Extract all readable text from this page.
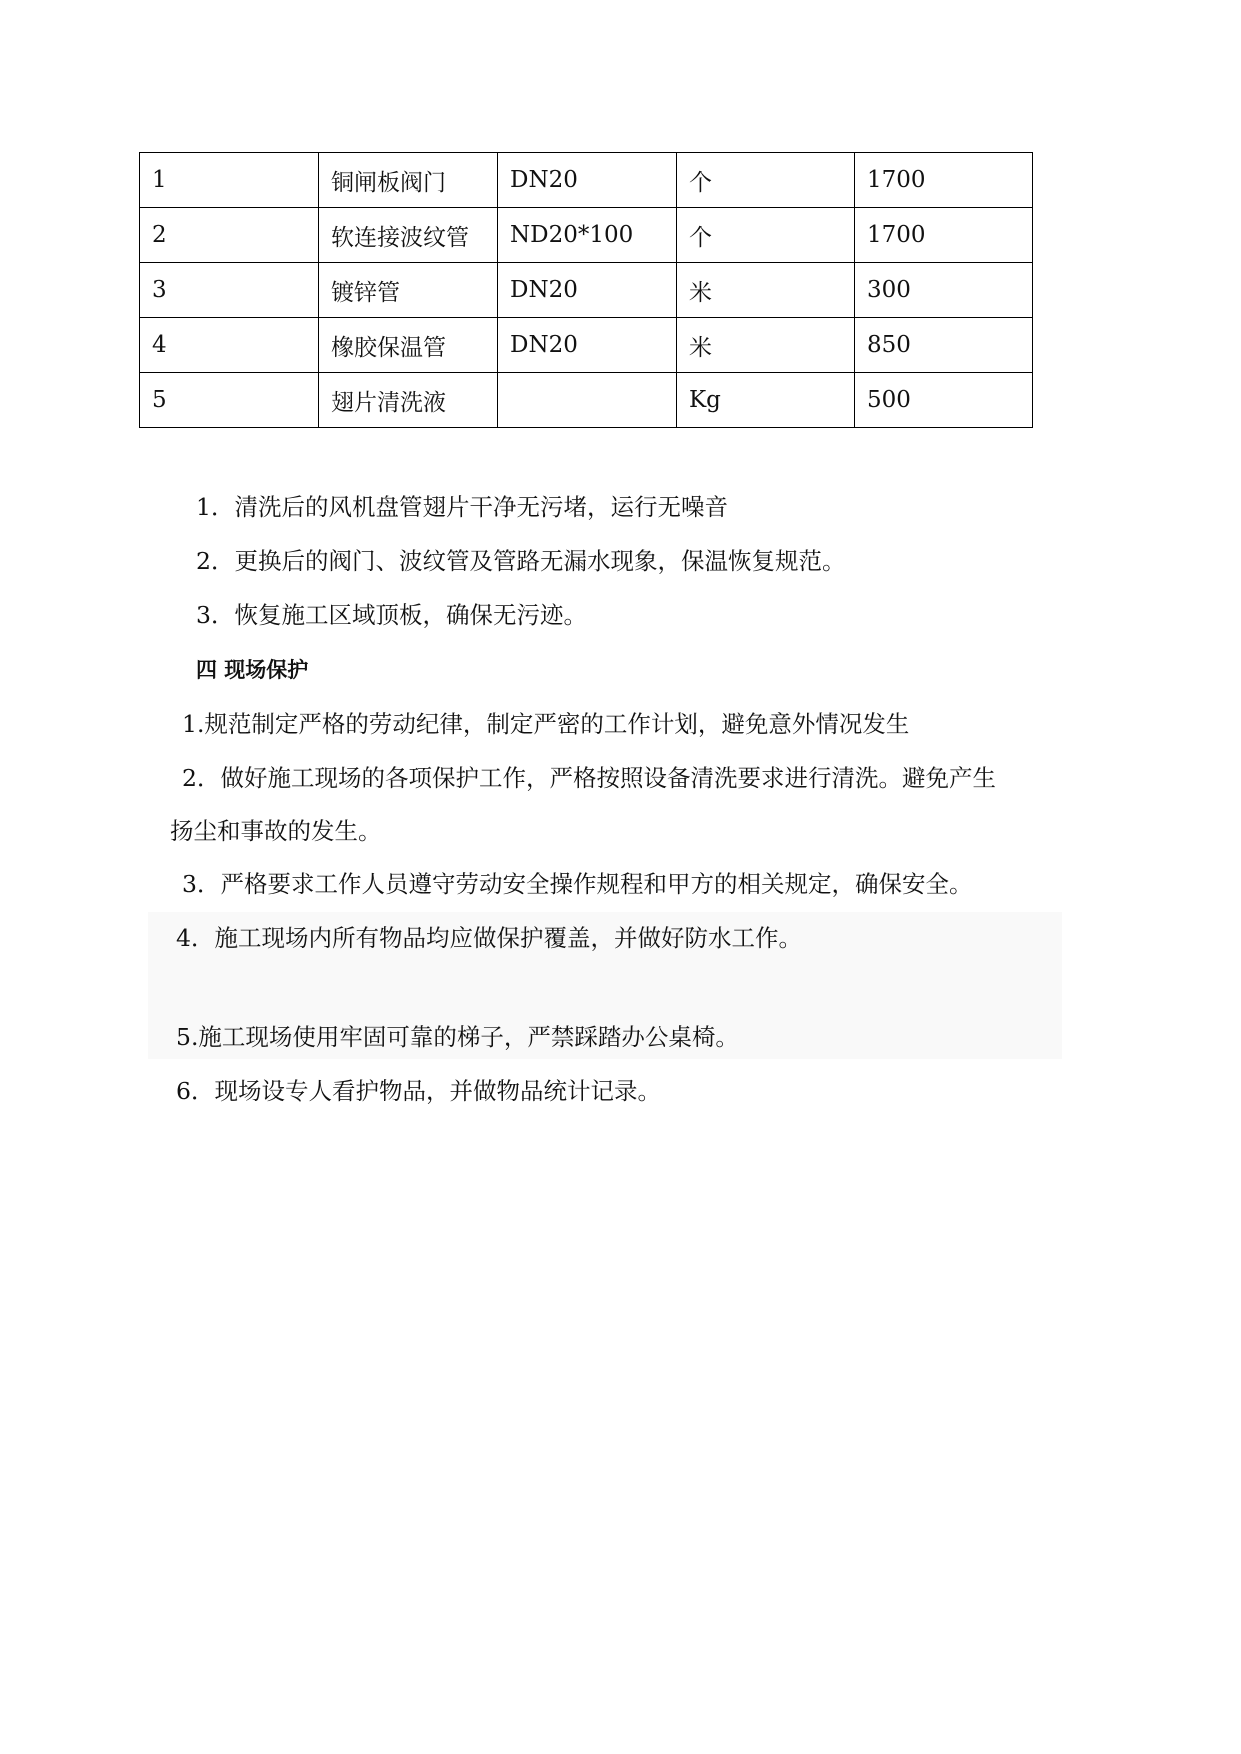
1	铜闸板阀门	DN20	个	1700
2	软连接波纹管	ND20*100	个	1700
3	镀锌管	DN20	米	300
4	橡胶保温管	DN20	米	850
5	翅片清洗液		Kg	500
1．清洗后的风机盘管翅片干净无污堵，运行无噪音
2．更换后的阀门、波纹管及管路无漏水现象，保温恢复规范。
3．恢复施工区域顶板，确保无污迹。
四 现场保护
1.规范制定严格的劳动纪律，制定严密的工作计划，避免意外情况发生
2．做好施工现场的各项保护工作，严格按照设备清洗要求进行清洗。避免产生
扬尘和事故的发生。
3．严格要求工作人员遵守劳动安全操作规程和甲方的相关规定，确保安全。
4．施工现场内所有物品均应做保护覆盖，并做好防水工作。
5.施工现场使用牢固可靠的梯子，严禁踩踏办公桌椅。
6．现场设专人看护物品，并做物品统计记录。
